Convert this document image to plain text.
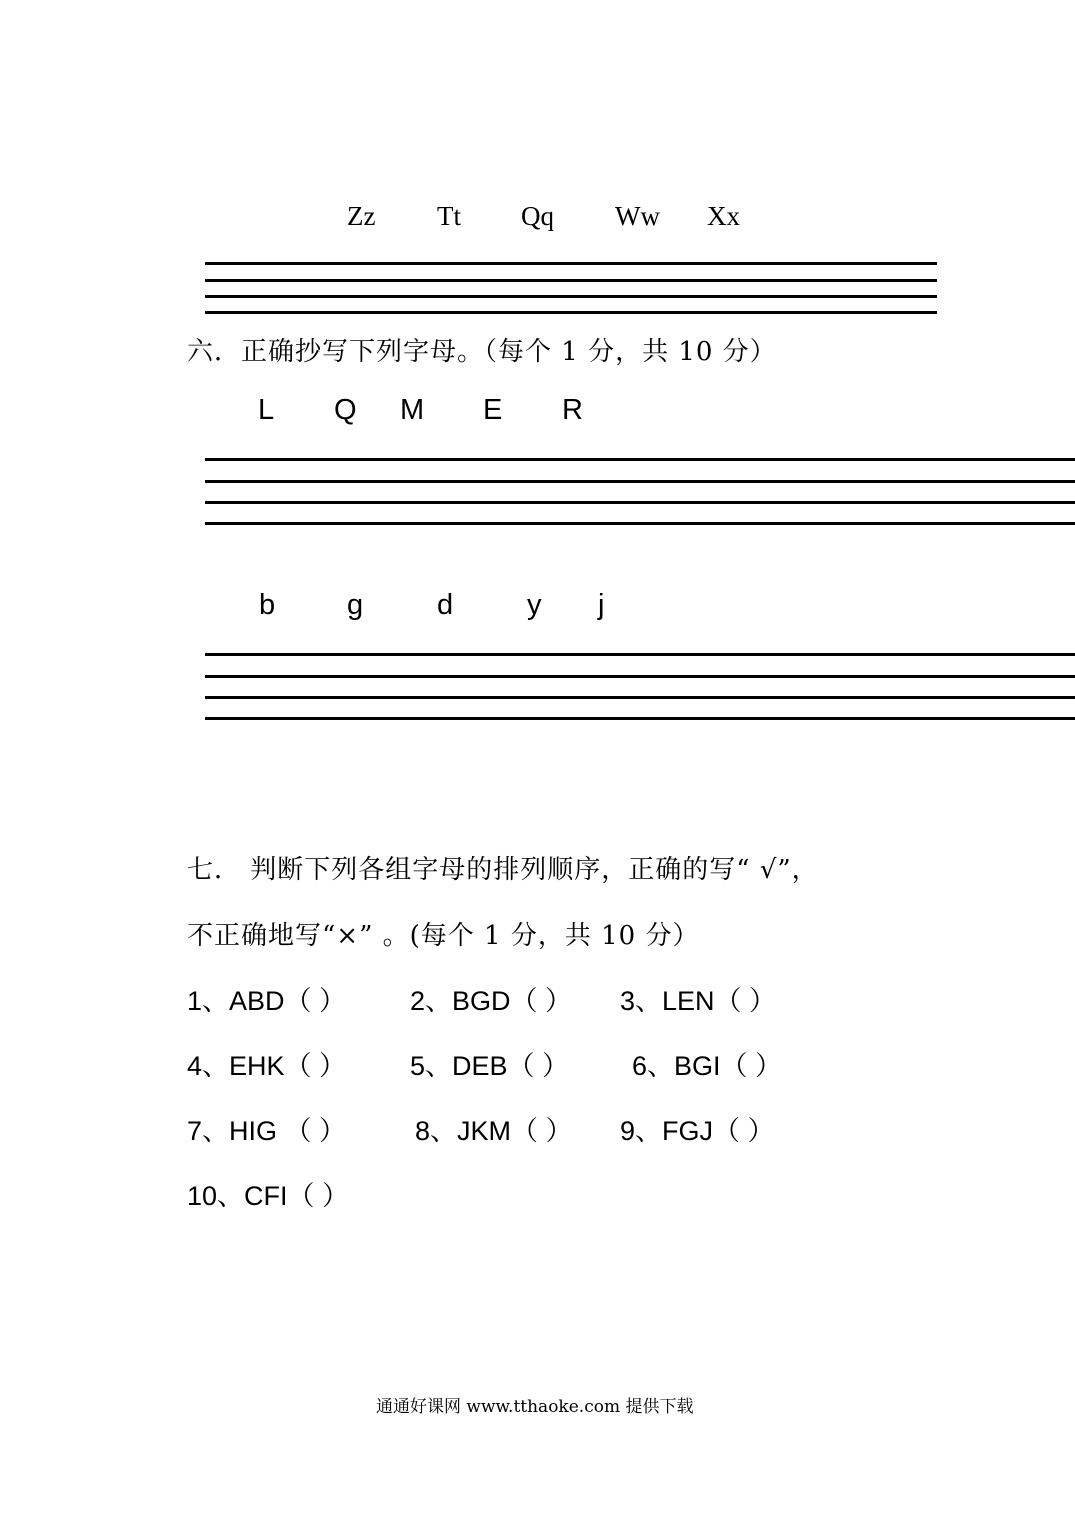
Zz Tt Qq Ww Xx
六．正确抄写下列字母。（每个 1 分，共 10 分）
L Q M E R
b g	d	y j
七． 判断下列各组字母的排列顺序，正确的写“ √”，
不正确地写“×” 。(每个 1 分，共 10 分）
1、ABD（ ） 2、BGD（ ） 3、LEN（ ）
4、EHK（ ） 5、DEB（ ） 6、BGI（ ）
7、HIG （ ）	8、JKM（ ） 9、FGJ（ ）
10、CFI（ ）
通通好课网 www.tthaoke.com 提供下载
